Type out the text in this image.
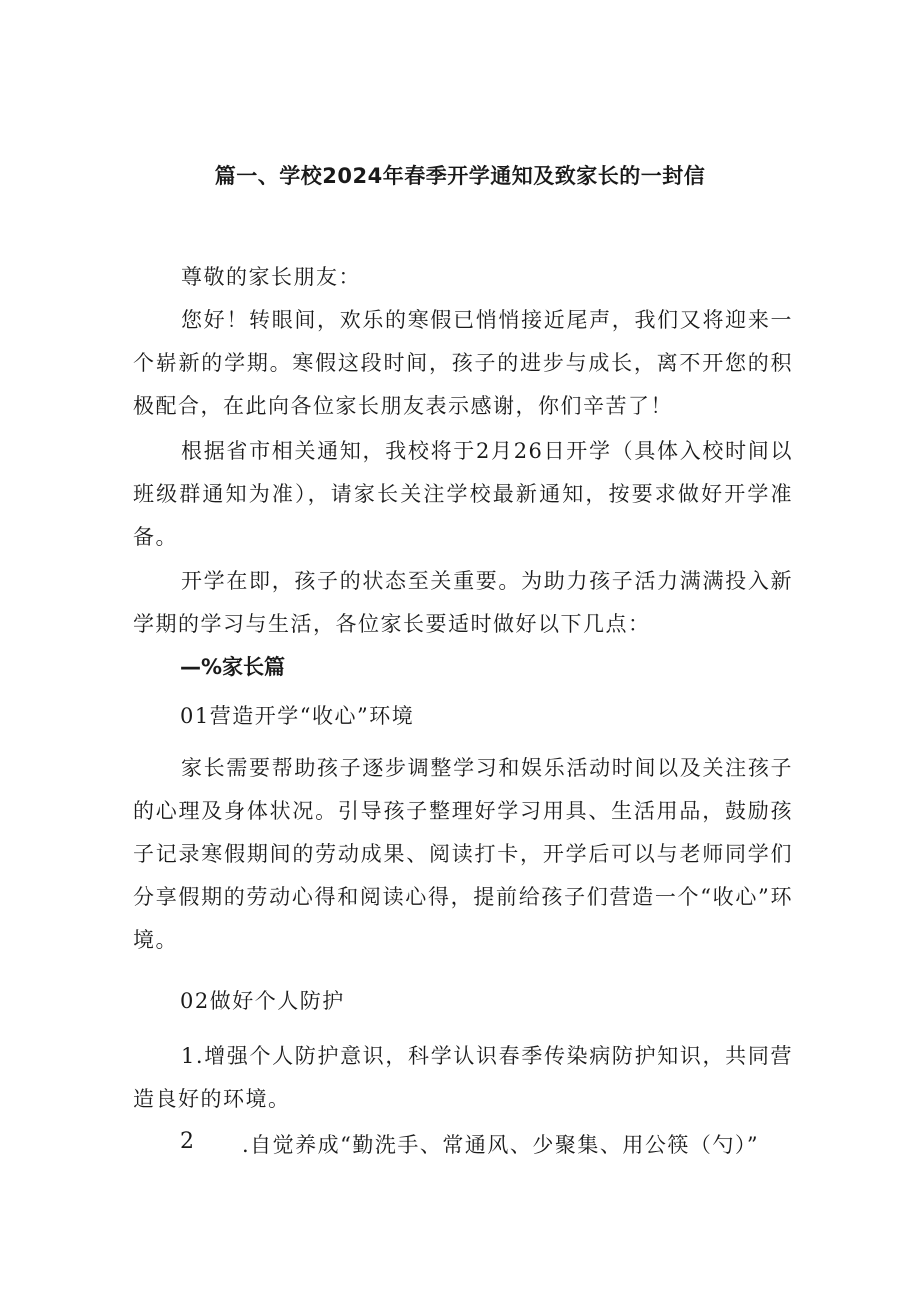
篇一、学校2024年春季开学通知及致家长的一封信
尊敬的家长朋友：
您好！转眼间，欢乐的寒假已悄悄接近尾声，我们又将迎来一个崭新的学期。寒假这段时间，孩子的进步与成长，离不开您的积极配合，在此向各位家长朋友表示感谢，你们辛苦了！
根据省市相关通知，我校将于2月26日开学（具体入校时间以班级群通知为准），请家长关注学校最新通知，按要求做好开学准备。
开学在即，孩子的状态至关重要。为助力孩子活力满满投入新学期的学习与生活，各位家长要适时做好以下几点：
—%家长篇
01营造开学“收心”环境
家长需要帮助孩子逐步调整学习和娱乐活动时间以及关注孩子的心理及身体状况。引导孩子整理好学习用具、生活用品，鼓励孩子记录寒假期间的劳动成果、阅读打卡，开学后可以与老师同学们分享假期的劳动心得和阅读心得，提前给孩子们营造一个“收心”环境。
02做好个人防护
1.增强个人防护意识，科学认识春季传染病防护知识，共同营造良好的环境。
2 .自觉养成“勤洗手、常通风、少聚集、用公筷（勺）”
